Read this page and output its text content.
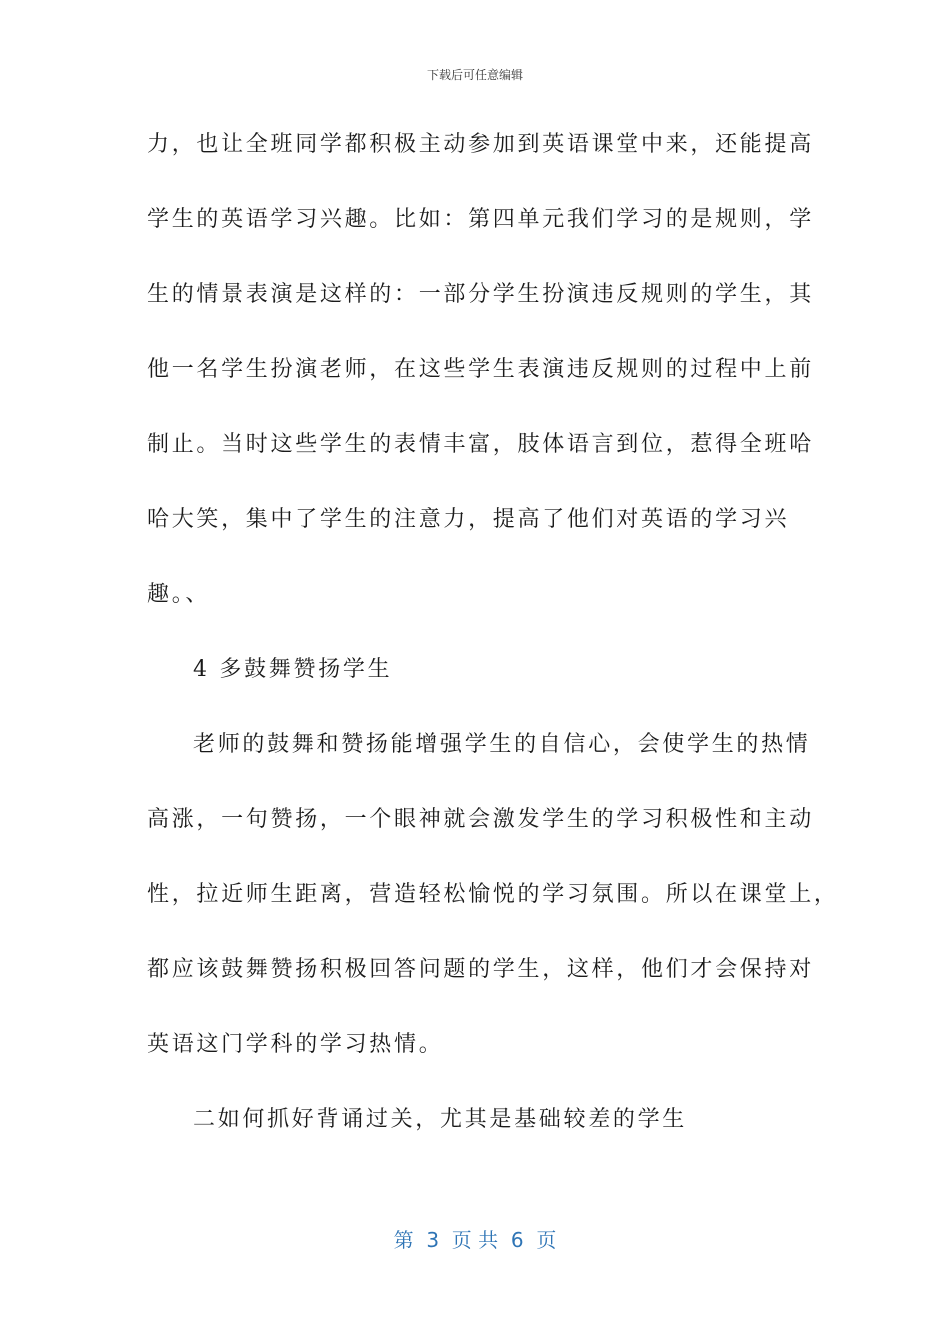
下载后可任意编辑
力，也让全班同学都积极主动参加到英语课堂中来，还能提高
学生的英语学习兴趣。比如：第四单元我们学习的是规则，学
生的情景表演是这样的：一部分学生扮演违反规则的学生，其
他一名学生扮演老师，在这些学生表演违反规则的过程中上前
制止。当时这些学生的表情丰富，肢体语言到位，惹得全班哈
哈大笑，集中了学生的注意力，提高了他们对英语的学习兴
趣。、
4 多鼓舞赞扬学生
老师的鼓舞和赞扬能增强学生的自信心，会使学生的热情
高涨，一句赞扬，一个眼神就会激发学生的学习积极性和主动
性，拉近师生距离，营造轻松愉悦的学习氛围。所以在课堂上，
都应该鼓舞赞扬积极回答问题的学生，这样，他们才会保持对
英语这门学科的学习热情。
二如何抓好背诵过关，尤其是基础较差的学生
第  3  页 共  6  页
